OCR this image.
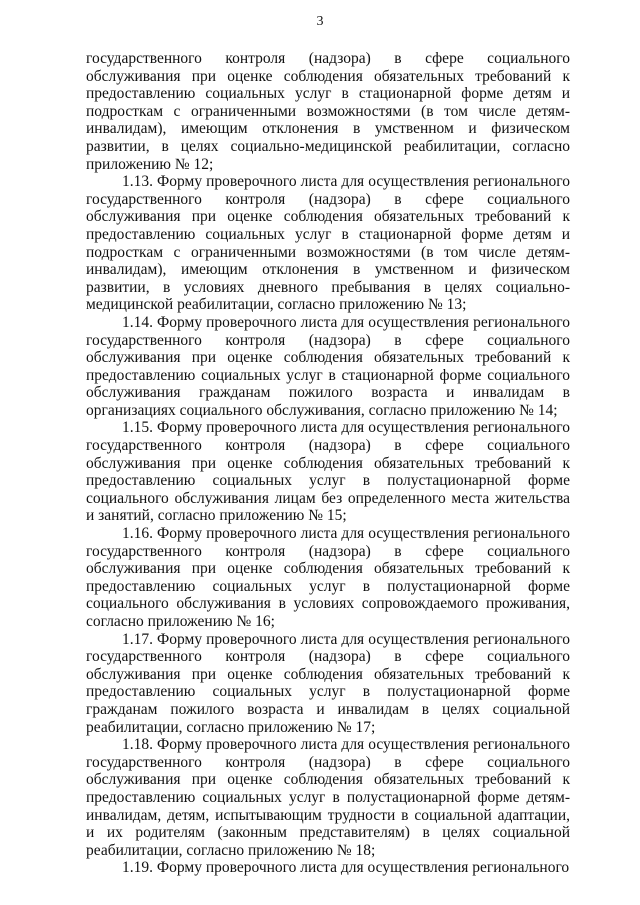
3

государственного контроля (надзора) в сфере социального обслуживания при оценке соблюдения обязательных требований к предоставлению социальных услуг в стационарной форме детям и подросткам с ограниченными возможностями (в том числе детям-инвалидам), имеющим отклонения в умственном и физическом развитии, в целях социально-медицинской реабилитации, согласно приложению № 12;

1.13. Форму проверочного листа для осуществления регионального государственного контроля (надзора) в сфере социального обслуживания при оценке соблюдения обязательных требований к предоставлению социальных услуг в стационарной форме детям и подросткам с ограниченными возможностями (в том числе детям-инвалидам), имеющим отклонения в умственном и физическом развитии, в условиях дневного пребывания в целях социально-медицинской реабилитации, согласно приложению № 13;

1.14. Форму проверочного листа для осуществления регионального государственного контроля (надзора) в сфере социального обслуживания при оценке соблюдения обязательных требований к предоставлению социальных услуг в стационарной форме социального обслуживания гражданам пожилого возраста и инвалидам в организациях социального обслуживания, согласно приложению № 14;

1.15. Форму проверочного листа для осуществления регионального государственного контроля (надзора) в сфере социального обслуживания при оценке соблюдения обязательных требований к предоставлению социальных услуг в полустационарной форме социального обслуживания лицам без определенного места жительства и занятий, согласно приложению № 15;

1.16. Форму проверочного листа для осуществления регионального государственного контроля (надзора) в сфере социального обслуживания при оценке соблюдения обязательных требований к предоставлению социальных услуг в полустационарной форме социального обслуживания в условиях сопровождаемого проживания, согласно приложению № 16;

1.17. Форму проверочного листа для осуществления регионального государственного контроля (надзора) в сфере социального обслуживания при оценке соблюдения обязательных требований к предоставлению социальных услуг в полустационарной форме гражданам пожилого возраста и инвалидам в целях социальной реабилитации, согласно приложению № 17;

1.18. Форму проверочного листа для осуществления регионального государственного контроля (надзора) в сфере социального обслуживания при оценке соблюдения обязательных требований к предоставлению социальных услуг в полустационарной форме детям-инвалидам, детям, испытывающим трудности в социальной адаптации, и их родителям (законным представителям) в целях социальной реабилитации, согласно приложению № 18;

1.19. Форму проверочного листа для осуществления регионального
